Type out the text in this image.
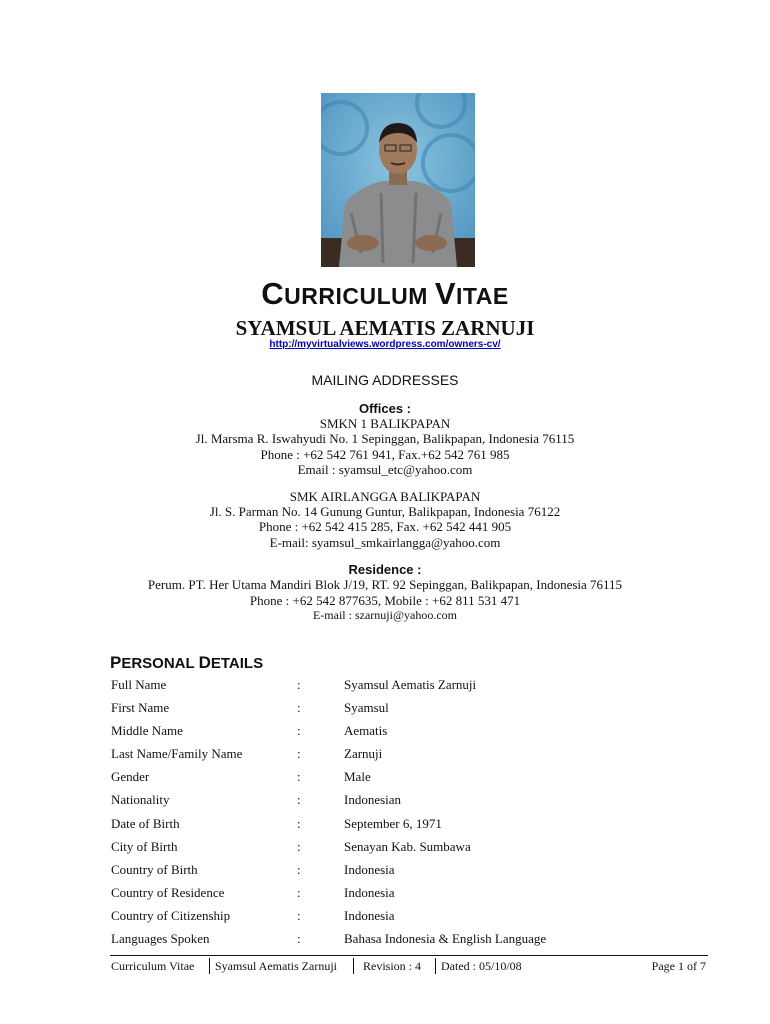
CURRICULUM VITAE
SYAMSUL AEMATIS ZARNUJI
http://myvirtualviews.wordpress.com/owners-cv/
MAILING ADDRESSES
Offices :
SMKN 1 BALIKPAPAN
Jl. Marsma R. Iswahyudi No. 1 Sepinggan, Balikpapan, Indonesia 76115
Phone : +62 542 761 941, Fax.+62 542 761 985
Email : syamsul_etc@yahoo.com
SMK AIRLANGGA BALIKPAPAN
Jl. S. Parman No. 14 Gunung Guntur, Balikpapan, Indonesia 76122
Phone : +62 542 415 285, Fax. +62 542 441 905
E-mail: syamsul_smkairlangga@yahoo.com
Residence :
Perum. PT. Her Utama Mandiri Blok J/19, RT. 92 Sepinggan, Balikpapan, Indonesia 76115
Phone : +62 542 877635, Mobile : +62 811 531 471
E-mail : szarnuji@yahoo.com
PERSONAL DETAILS
Full Name	:	Syamsul Aematis Zarnuji
First Name	:	Syamsul
Middle Name	:	Aematis
Last Name/Family Name	:	Zarnuji
Gender	:	Male
Nationality	:	Indonesian
Date of Birth	:	September 6, 1971
City of Birth	:	Senayan Kab. Sumbawa
Country of Birth	:	Indonesia
Country of Residence	:	Indonesia
Country of Citizenship	:	Indonesia
Languages Spoken	:	Bahasa Indonesia & English Language
Curriculum Vitae Syamsul Aematis Zarnuji Revision : 4 Dated : 05/10/08	Page 1 of 7
